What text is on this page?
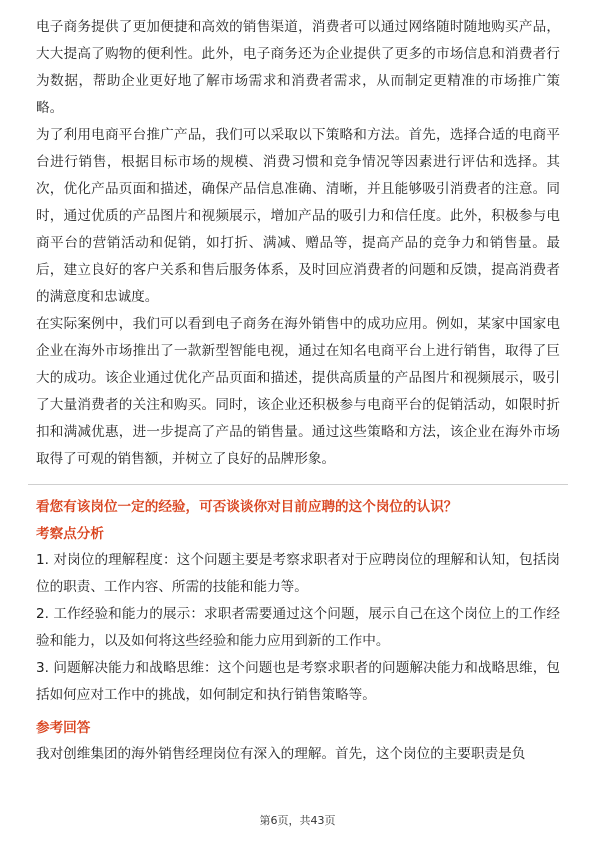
电子商务提供了更加便捷和高效的销售渠道，消费者可以通过网络随时随地购买产品，大大提高了购物的便利性。此外，电子商务还为企业提供了更多的市场信息和消费者行为数据，帮助企业更好地了解市场需求和消费者需求，从而制定更精准的市场推广策略。

为了利用电商平台推广产品，我们可以采取以下策略和方法。首先，选择合适的电商平台进行销售，根据目标市场的规模、消费习惯和竞争情况等因素进行评估和选择。其次，优化产品页面和描述，确保产品信息准确、清晰，并且能够吸引消费者的注意。同时，通过优质的产品图片和视频展示，增加产品的吸引力和信任度。此外，积极参与电商平台的营销活动和促销，如打折、满减、赠品等，提高产品的竞争力和销售量。最后，建立良好的客户关系和售后服务体系，及时回应消费者的问题和反馈，提高消费者的满意度和忠诚度。

在实际案例中，我们可以看到电子商务在海外销售中的成功应用。例如，某家中国家电企业在海外市场推出了一款新型智能电视，通过在知名电商平台上进行销售，取得了巨大的成功。该企业通过优化产品页面和描述，提供高质量的产品图片和视频展示，吸引了大量消费者的关注和购买。同时，该企业还积极参与电商平台的促销活动，如限时折扣和满减优惠，进一步提高了产品的销售量。通过这些策略和方法，该企业在海外市场取得了可观的销售额，并树立了良好的品牌形象。

看您有该岗位一定的经验，可否谈谈你对目前应聘的这个岗位的认识？

考察点分析

1. 对岗位的理解程度：这个问题主要是考察求职者对于应聘岗位的理解和认知，包括岗位的职责、工作内容、所需的技能和能力等。

2. 工作经验和能力的展示：求职者需要通过这个问题，展示自己在这个岗位上的工作经验和能力，以及如何将这些经验和能力应用到新的工作中。

3. 问题解决能力和战略思维：这个问题也是考察求职者的问题解决能力和战略思维，包括如何应对工作中的挑战，如何制定和执行销售策略等。

参考回答

我对创维集团的海外销售经理岗位有深入的理解。首先，这个岗位的主要职责是负

第6页，共43页
